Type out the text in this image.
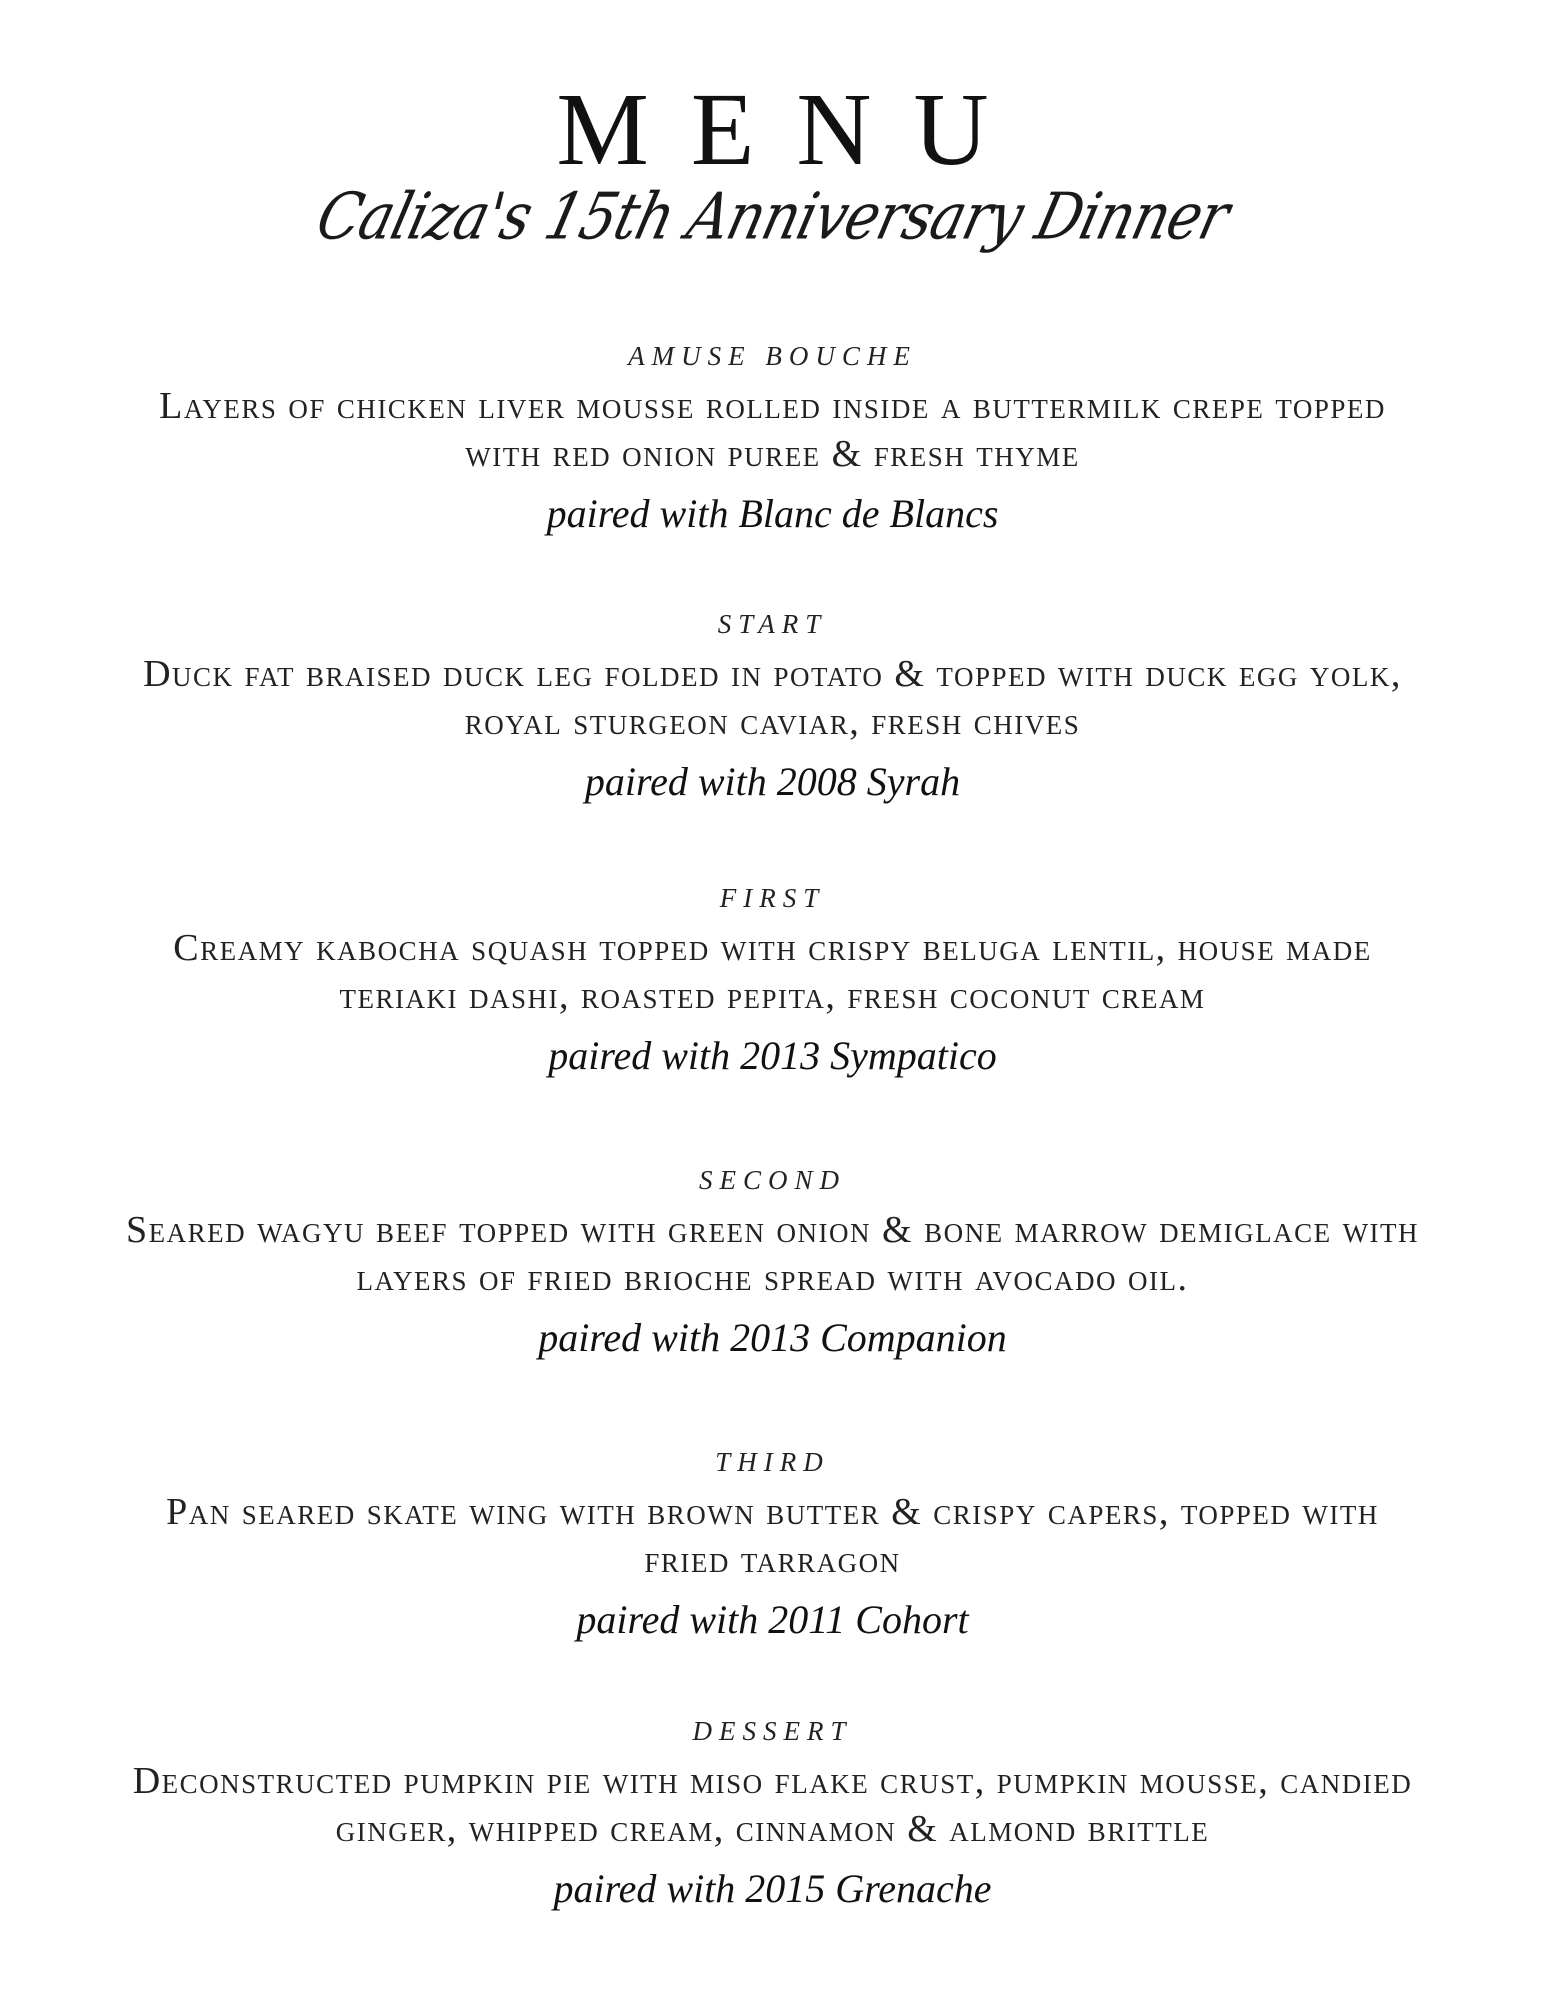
MENU
Caliza's 15th Anniversary Dinner
AMUSE BOUCHE
Layers of chicken liver mousse rolled inside a buttermilk crepe topped with red onion puree & fresh thyme
paired with Blanc de Blancs
START
Duck fat braised duck leg folded in potato & topped with duck egg yolk, royal sturgeon caviar, fresh chives
paired with 2008 Syrah
FIRST
Creamy kabocha squash topped with crispy beluga lentil, house made teriaki dashi, roasted pepita, fresh coconut cream
paired with 2013 Sympatico
SECOND
Seared wagyu beef topped with green onion & bone marrow demiglace with layers of fried brioche spread with avocado oil.
paired with 2013 Companion
THIRD
Pan seared skate wing with brown butter & crispy capers, topped with fried tarragon
paired with 2011 Cohort
DESSERT
Deconstructed pumpkin pie with miso flake crust, pumpkin mousse, candied ginger, whipped cream, cinnamon & almond brittle
paired with 2015 Grenache
